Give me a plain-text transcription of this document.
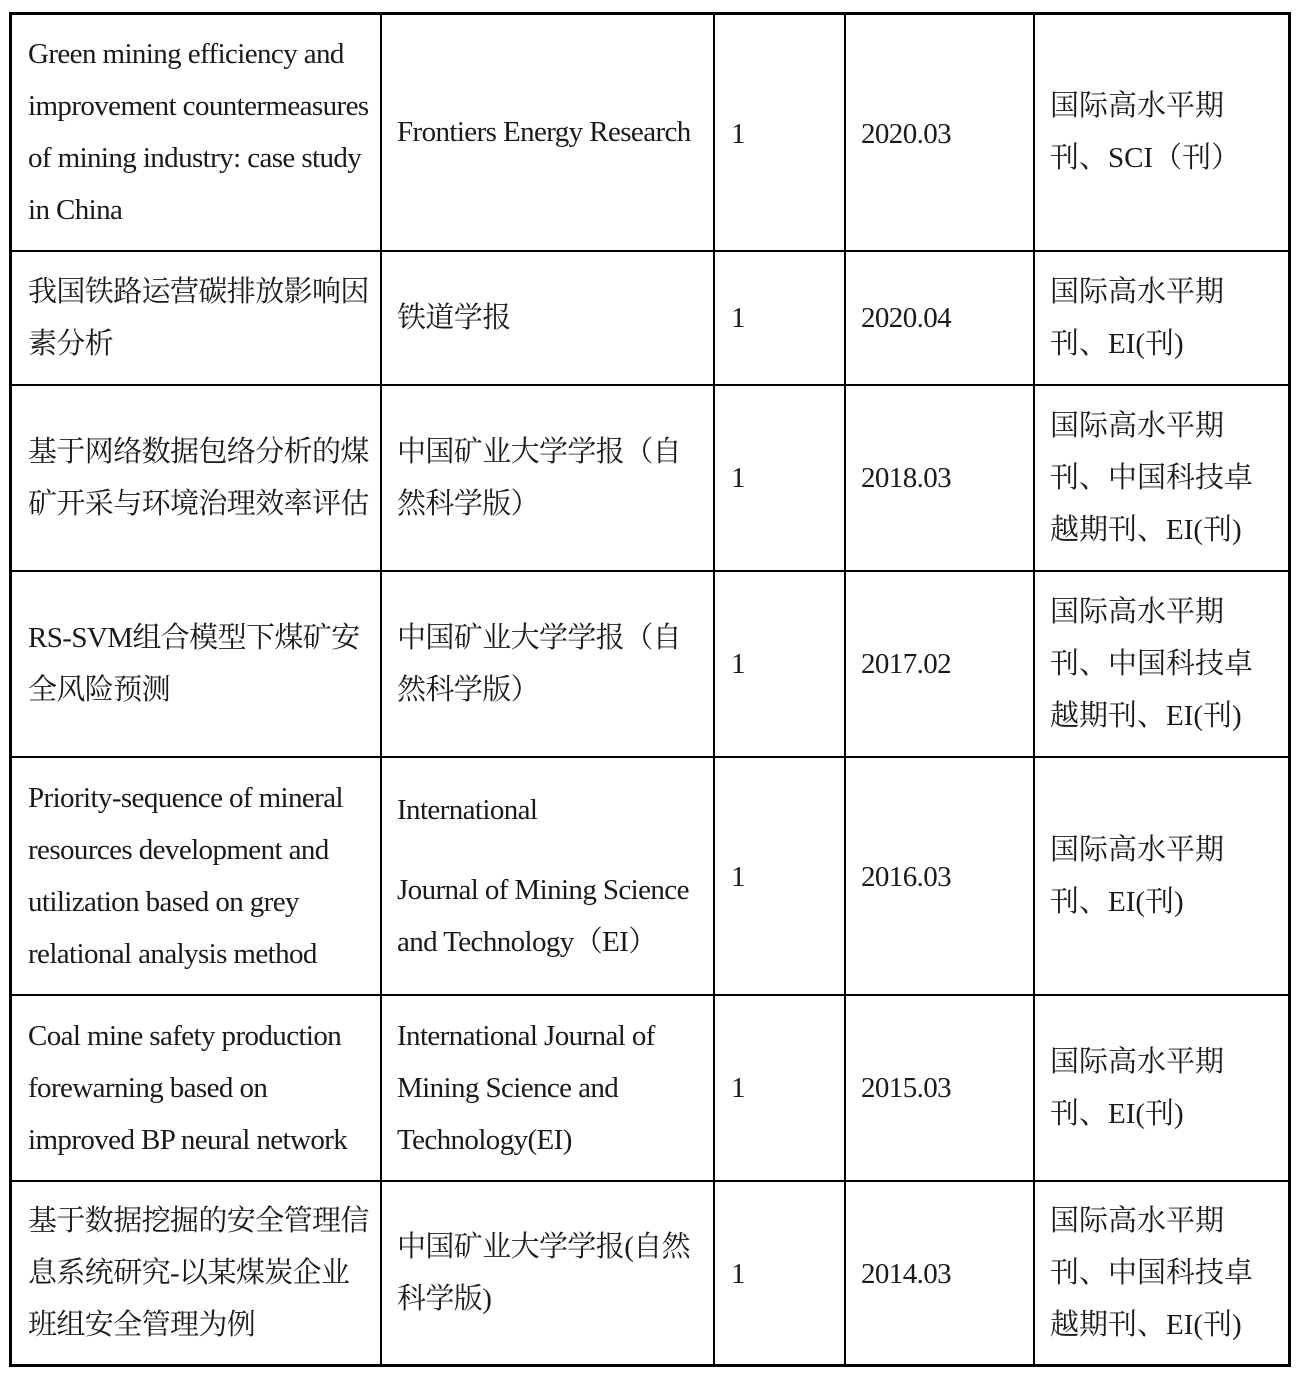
Green mining efficiency and improvement countermeasures of mining industry: case study in China	Frontiers Energy Research	1	2020.03	国际高水平期刊、SCI（刊）

我国铁路运营碳排放影响因素分析	铁道学报	1	2020.04	国际高水平期刊、EI(刊)

基于网络数据包络分析的煤矿开采与环境治理效率评估	中国矿业大学学报（自然科学版）	1	2018.03	国际高水平期刊、中国科技卓越期刊、EI(刊)

RS-SVM组合模型下煤矿安全风险预测	中国矿业大学学报（自然科学版）	1	2017.02	国际高水平期刊、中国科技卓越期刊、EI(刊)

Priority-sequence of mineral resources development and utilization based on grey relational analysis method	International
Journal of Mining Science and Technology（EI）	1	2016.03	国际高水平期刊、EI(刊)

Coal mine safety production forewarning based on improved BP neural network	International Journal of Mining Science and Technology(EI)	1	2015.03	国际高水平期刊、EI(刊)

基于数据挖掘的安全管理信息系统研究-以某煤炭企业班组安全管理为例	中国矿业大学学报(自然科学版)	1	2014.03	国际高水平期刊、中国科技卓越期刊、EI(刊)
